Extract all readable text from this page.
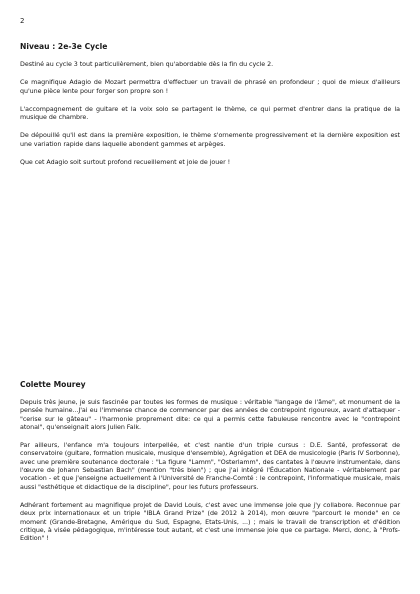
2
Niveau : 2e-3e Cycle

Destiné au cycle 3 tout particulièrement, bien qu'abordable dès la fin du cycle 2.

Ce magnifique Adagio de Mozart permettra d'effectuer un travail de phrasé en profondeur ; quoi de mieux d'ailleurs qu'une pièce lente pour forger son propre son !

L'accompagnement de guitare et la voix solo se partagent le thème, ce qui permet d'entrer dans la pratique de la musique de chambre.

De dépouillé qu'il est dans la première exposition, le thème s'ornemente progressivement et la dernière exposition est une variation rapide dans laquelle abondent gammes et arpèges.

Que cet Adagio soit surtout profond recueillement et joie de jouer !

Colette Mourey

Depuis très jeune, je suis fascinée par toutes les formes de musique : véritable "langage de l'âme", et monument de la pensée humaine...J'ai eu l'immense chance de commencer par des années de contrepoint rigoureux, avant d'attaquer - "cerise sur le gâteau" - l'harmonie proprement dite: ce qui a permis cette fabuleuse rencontre avec le "contrepoint atonal", qu'enseignait alors Julien Falk.

Par ailleurs, l'enfance m'a toujours interpellée, et c'est nantie d'un triple cursus : D.E. Santé, professorat de conservatoire (guitare, formation musicale, musique d'ensemble), Agrégation et DEA de musicologie (Paris IV Sorbonne), avec une première soutenance doctorale : "La figure "Lamm", "Osterlamm", des cantates à l'œuvre instrumentale, dans l'œuvre de Johann Sebastian Bach" (mention "très bien") ; que j'ai intégré l'Éducation Nationale - véritablement par vocation - et que j'enseigne actuellement à l'Université de Franche-Comté : le contrepoint, l'informatique musicale, mais aussi "esthétique et didactique de la discipline", pour les futurs professeurs.

Adhérant fortement au magnifique projet de David Louis, c'est avec une immense joie que j'y collabore. Reconnue par deux prix internationaux et un triple "IBLA Grand Prize" (de 2012 à 2014), mon œuvre "parcourt le monde" en ce moment (Grande-Bretagne, Amérique du Sud, Espagne, Etats-Unis, ...) ; mais le travail de transcription et d'édition critique, à visée pédagogique, m'intéresse tout autant, et c'est une immense joie que ce partage. Merci, donc, à "Profs-Edition" !
